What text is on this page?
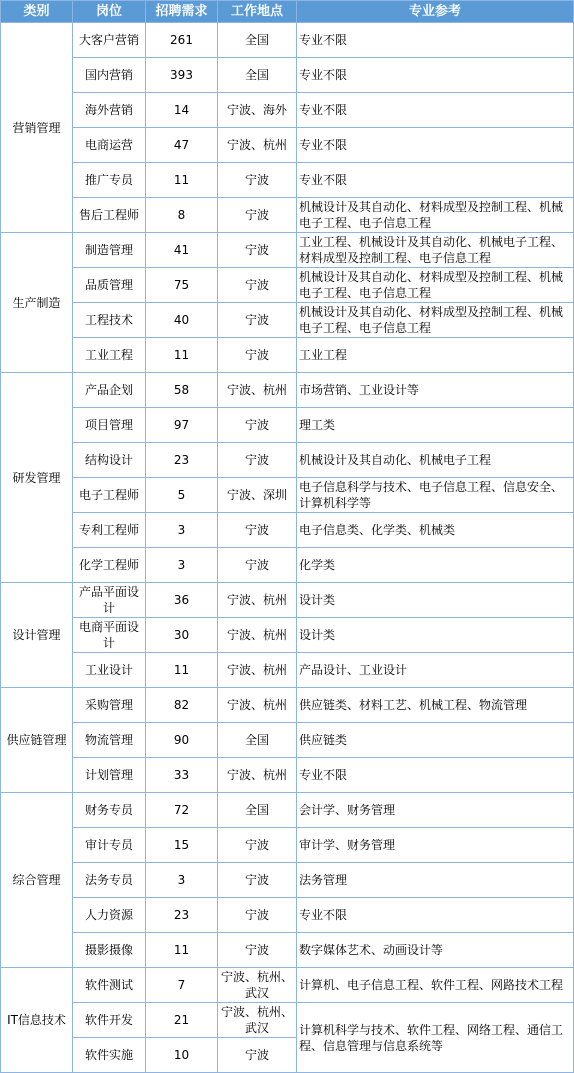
类别	岗位	招聘需求	工作地点	专业参考
营销管理	大客户营销	261	全国	专业不限
	国内营销	393	全国	专业不限
	海外营销	14	宁波、海外	专业不限
	电商运营	47	宁波、杭州	专业不限
	推广专员	11	宁波	专业不限
	售后工程师	8	宁波	机械设计及其自动化、材料成型及控制工程、机械电子工程、电子信息工程
生产制造	制造管理	41	宁波	工业工程、机械设计及其自动化、机械电子工程、材料成型及控制工程、电子信息工程
	品质管理	75	宁波	机械设计及其自动化、材料成型及控制工程、机械电子工程、电子信息工程
	工程技术	40	宁波	机械设计及其自动化、材料成型及控制工程、机械电子工程、电子信息工程
	工业工程	11	宁波	工业工程
研发管理	产品企划	58	宁波、杭州	市场营销、工业设计等
	项目管理	97	宁波	理工类
	结构设计	23	宁波	机械设计及其自动化、机械电子工程
	电子工程师	5	宁波、深圳	电子信息科学与技术、电子信息工程、信息安全、计算机科学等
	专利工程师	3	宁波	电子信息类、化学类、机械类
	化学工程师	3	宁波	化学类
设计管理	产品平面设计	36	宁波、杭州	设计类
	电商平面设计	30	宁波、杭州	设计类
	工业设计	11	宁波、杭州	产品设计、工业设计
供应链管理	采购管理	82	宁波、杭州	供应链类、材料工艺、机械工程、物流管理
	物流管理	90	全国	供应链类
	计划管理	33	宁波、杭州	专业不限
综合管理	财务专员	72	全国	会计学、财务管理
	审计专员	15	宁波	审计学、财务管理
	法务专员	3	宁波	法务管理
	人力资源	23	宁波	专业不限
	摄影摄像	11	宁波	数字媒体艺术、动画设计等
IT信息技术	软件测试	7	宁波、杭州、武汉	计算机、电子信息工程、软件工程、网路技术工程
	软件开发	21	宁波、杭州、武汉	计算机科学与技术、软件工程、网络工程、通信工程、信息管理与信息系统等
	软件实施	10	宁波	
